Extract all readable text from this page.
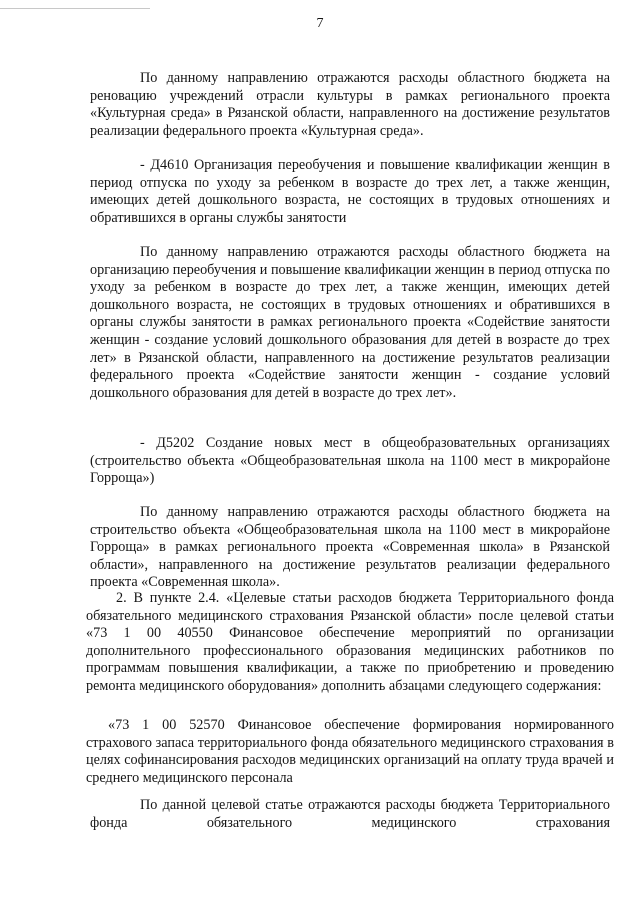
7
По данному направлению отражаются расходы областного бюджета на реновацию учреждений отрасли культуры в рамках регионального проекта «Культурная среда» в Рязанской области, направленного на достижение результатов реализации федерального проекта «Культурная среда».
- Д4610 Организация переобучения и повышение квалификации женщин в период отпуска по уходу за ребенком в возрасте до трех лет, а также женщин, имеющих детей дошкольного возраста, не состоящих в трудовых отношениях и обратившихся в органы службы занятости
По данному направлению отражаются расходы областного бюджета на организацию переобучения и повышение квалификации женщин в период отпуска по уходу за ребенком в возрасте до трех лет, а также женщин, имеющих детей дошкольного возраста, не состоящих в трудовых отношениях и обратившихся в органы службы занятости в рамках регионального проекта «Содействие занятости женщин - создание условий дошкольного образования для детей в возрасте до трех лет» в Рязанской области, направленного на достижение результатов реализации федерального проекта «Содействие занятости женщин - создание условий дошкольного образования для детей в возрасте до трех лет».
- Д5202 Создание новых мест в общеобразовательных организациях (строительство объекта «Общеобразовательная школа на 1100 мест в микрорайоне Горроща»)
По данному направлению отражаются расходы областного бюджета на строительство объекта «Общеобразовательная школа на 1100 мест в микрорайоне Горроща» в рамках регионального проекта «Современная школа» в Рязанской области», направленного на достижение результатов реализации федерального проекта «Современная школа».
2. В пункте 2.4. «Целевые статьи расходов бюджета Территориального фонда обязательного медицинского страхования Рязанской области» после целевой статьи «73 1 00 40550 Финансовое обеспечение мероприятий по организации дополнительного профессионального образования медицинских работников по программам повышения квалификации, а также по приобретению и проведению ремонта медицинского оборудования» дополнить абзацами следующего содержания:
«73 1 00 52570 Финансовое обеспечение формирования нормированного страхового запаса территориального фонда обязательного медицинского страхования в целях софинансирования расходов медицинских организаций на оплату труда врачей и среднего медицинского персонала
По данной целевой статье отражаются расходы бюджета Территориального фонда обязательного медицинского страхования
